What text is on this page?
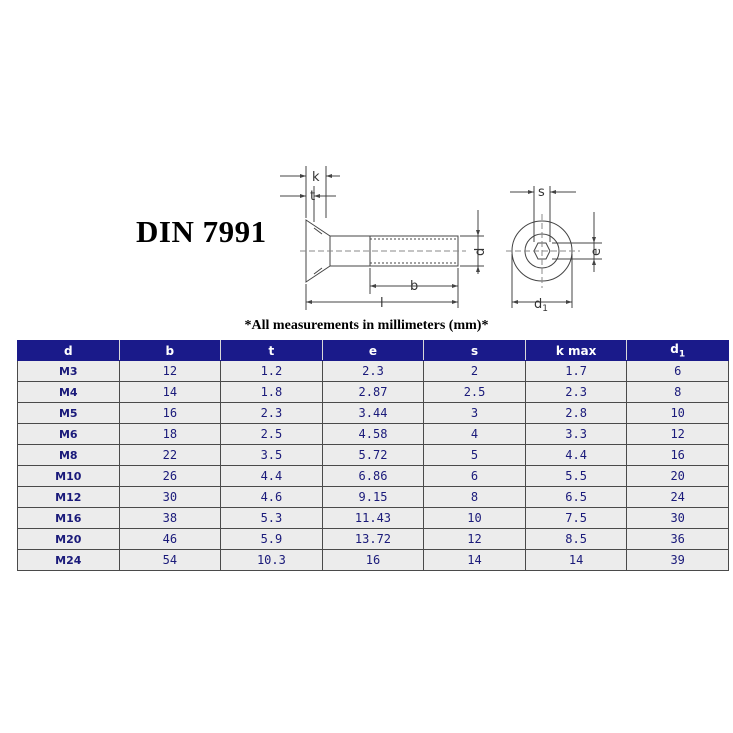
DIN 7991
k
t
d
b
l
s
e
$d_1$
*All measurements in millimeters (mm)*
d	b	t	e	s	k max	$d_1$
M3	12	1.2	2.3	2	1.7	6
M4	14	1.8	2.87	2.5	2.3	8
M5	16	2.3	3.44	3	2.8	10
M6	18	2.5	4.58	4	3.3	12
M8	22	3.5	5.72	5	4.4	16
M10	26	4.4	6.86	6	5.5	20
M12	30	4.6	9.15	8	6.5	24
M16	38	5.3	11.43	10	7.5	30
M20	46	5.9	13.72	12	8.5	36
M24	54	10.3	16	14	14	39
